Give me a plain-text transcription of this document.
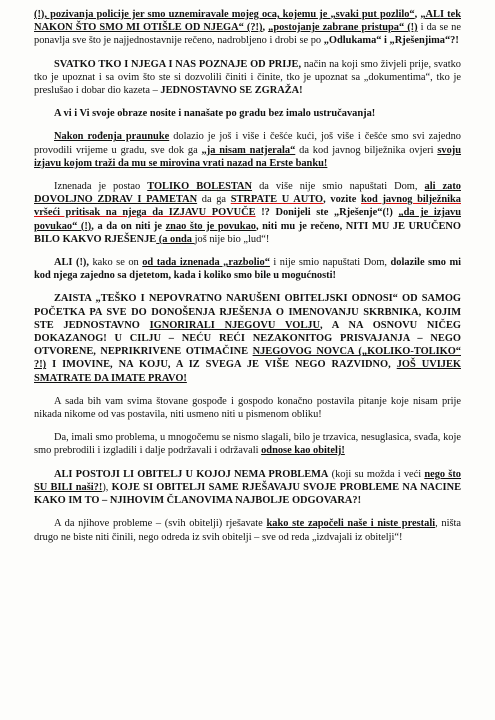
(!), pozivanja policije jer smo uznemiravale mojeg oca, kojemu je „svaki put pozlilo“, „ALI tek NAKON ŠTO SMO MI OTIŠLE OD NJEGA“ (?!), „postojanje zabrane pristupa“ (!) i da se ne ponavlja sve što je najjednostavnije rečeno, nadrobljeno i drobi se po „Odlukama“ i „Rješenjima“?!

SVATKO TKO I NJEGA I NAS POZNAJE OD PRIJE, način na koji smo živjeli prije, svatko tko je upoznat i sa ovim što ste si dozvolili činiti i činite, tko je upoznat sa „dokumentima“, tko je preslušao i dobar dio kazeta – JEDNOSTAVNO SE ZGRAŽA!

A vi i Vi svoje obraze nosite i nanašate po gradu bez imalo ustručavanja!

Nakon rođenja praunuke dolazio je još i više i češće kući, još više i češće smo svi zajedno provodili vrijeme u gradu, sve dok ga „ja nisam natjerala“ da kod javnog bilježnika ovjeri svoju izjavu kojom traži da mu se mirovina vrati nazad na Erste banku!

Iznenada je postao TOLIKO BOLESTAN da više nije smio napuštati Dom, ali zato DOVOLJNO ZDRAV I PAMETAN da ga STRPATE U AUTO, vozite kod javnog bilježnika vršeći pritisak na njega da IZJAVU POVUČE !? Donijeli ste „Rješenje“(!) „da je izjavu povukao“ (!), a da on niti je znao što je povukao, niti mu je rečeno, NITI MU JE URUČENO BILO KAKVO RJEŠENJE (a onda još nije bio „lud“!

ALI (!), kako se on od tada iznenada „razbolio“ i nije smio napuštati Dom, dolazile smo mi kod njega zajedno sa djetetom, kada i koliko smo bile u mogućnosti!

ZAISTA „TEŠKO I NEPOVRATNO NARUŠENI OBITELJSKI ODNOSI“ OD SAMOG POČETKA PA SVE DO DONOŠENJA RJEŠENJA O IMENOVANJU SKRBNIKA, KOJIM STE JEDNOSTAVNO IGNORIRALI NJEGOVU VOLJU, A NA OSNOVU NIČEG DOKAZANOG! U CILJU – NEĆU REĆI NEZAKONITOG PRISVAJANJA – NEGO OTVORENE, NEPRIKRIVENE OTIMAČINE NJEGOVOG NOVCA („KOLIKO-TOLIKO“ ?!) I IMOVINE, NA KOJU, A IZ SVEGA JE VIŠE NEGO RAZVIDNO, JOŠ UVIJEK SMATRATE DA IMATE PRAVO!

A sada bih vam svima štovane gospođe i gospodo konačno postavila pitanje koje nisam prije nikada nikome od vas postavila, niti usmeno niti u pismenom obliku!

Da, imali smo problema, u mnogočemu se nismo slagali, bilo je trzavica, nesuglasica, svađa, koje smo prebrodili i izgladili i dalje podržavali i održavali odnose kao obitelj!

ALI POSTOJI LI OBITELJ U KOJOJ NEMA PROBLEMA (koji su možda i veći nego što SU BILI naši?!), KOJE SI OBITELJI SAME RJEŠAVAJU SVOJE PROBLEME NA NACINE KAKO IM TO – NJIHOVIM ČLANOVIMA NAJBOLJE ODGOVARA?!

A da njihove probleme – (svih obitelji) rješavate kako ste započeli naše i niste prestali, ništa drugo ne biste niti činili, nego odreda iz svih obitelji – sve od reda „izdvajali iz obitelji“!
